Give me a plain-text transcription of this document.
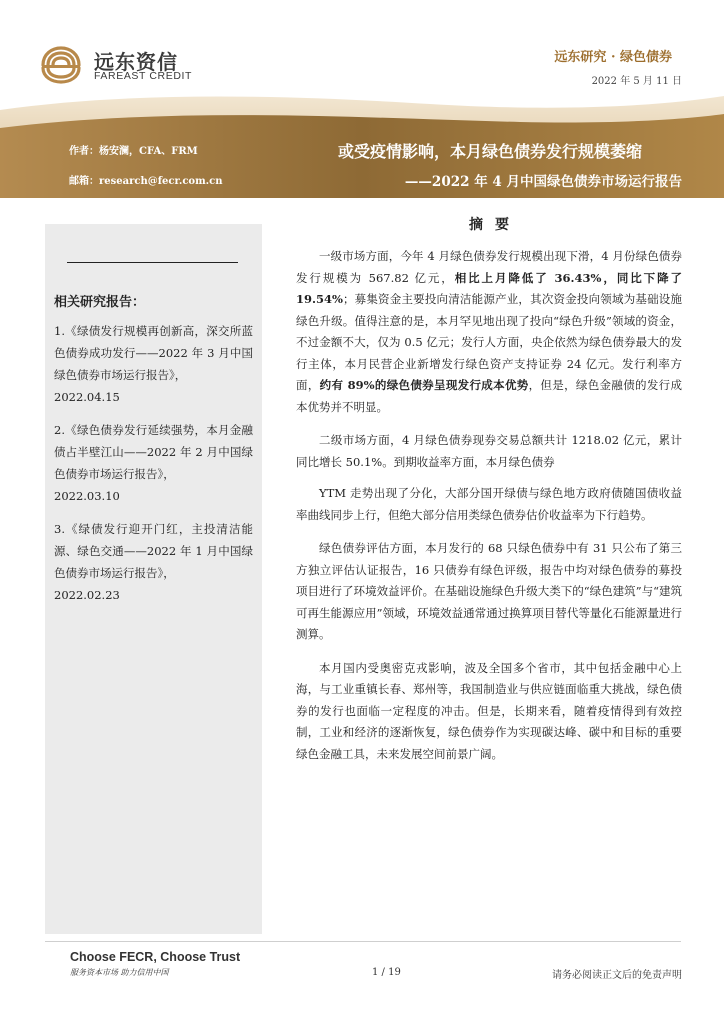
远东资信
FAREAST CREDIT
远东研究 · 绿色债券
2022 年 5 月 11 日
作者：杨安澜，CFA、FRM
邮箱：research@fecr.com.cn
或受疫情影响，本月绿色债券发行规模萎缩
——2022 年 4 月中国绿色债券市场运行报告
相关研究报告：
1.《绿债发行规模再创新高，深交所蓝色债券成功发行——2022 年 3 月中国绿色债券市场运行报告》，
2022.04.15
2.《绿色债券发行延续强势，本月金融债占半壁江山——2022 年 2 月中国绿色债券市场运行报告》，
2022.03.10
3.《绿债发行迎开门红，主投清洁能源、绿色交通——2022 年 1 月中国绿色债券市场运行报告》，
2022.02.23
摘要

一级市场方面，今年 4 月绿色债券发行规模出现下滑，4 月份绿色债券发行规模为 567.82 亿元，相比上月降低了 36.43%，同比下降了 19.54%；募集资金主要投向清洁能源产业，其次资金投向领域为基础设施绿色升级。值得注意的是，本月罕见地出现了投向“绿色升级”领域的资金，不过金额不大，仅为 0.5 亿元；发行人方面，央企依然为绿色债券最大的发行主体，本月民营企业新增发行绿色资产支持证券 24 亿元。发行利率方面，约有 89%的绿色债券呈现发行成本优势，但是，绿色金融债的发行成本优势并不明显。

二级市场方面，4 月绿色债券现券交易总额共计 1218.02 亿元，累计同比增长 50.1%。到期收益率方面，本月绿色债券

YTM 走势出现了分化，大部分国开绿债与绿色地方政府债随国债收益率曲线同步上行，但绝大部分信用类绿色债券估价收益率为下行趋势。

绿色债券评估方面，本月发行的 68 只绿色债券中有 31 只公布了第三方独立评估认证报告，16 只债券有绿色评级，报告中均对绿色债券的募投项目进行了环境效益评价。在基础设施绿色升级大类下的“绿色建筑”与“建筑可再生能源应用”领域，环境效益通常通过换算项目替代等量化石能源量进行测算。

本月国内受奥密克戎影响，波及全国多个省市，其中包括金融中心上海，与工业重镇长春、郑州等，我国制造业与供应链面临重大挑战，绿色债券的发行也面临一定程度的冲击。但是，长期来看，随着疫情得到有效控制，工业和经济的逐渐恢复，绿色债券作为实现碳达峰、碳中和目标的重要绿色金融工具，未来发展空间前景广阔。

Choose FECR, Choose Trust
服务资本市场 助力信用中国	1 / 19	请务必阅读正文后的免责声明
